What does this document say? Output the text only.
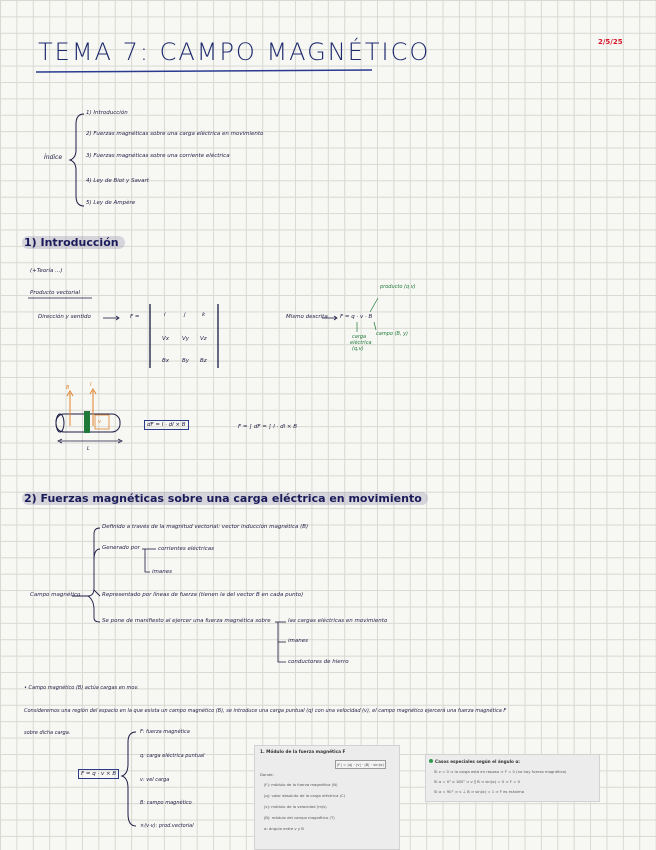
TEMA 7: CAMPO MAGNÉTICO	2/5/25
Índice
1) Introducción
2) Fuerzas magnéticas sobre una carga eléctrica en movimiento
3) Fuerzas magnéticas sobre una corriente eléctrica
4) Ley de Biot y Savart
5) Ley de Ampère
1) Introducción
(+Teoría ...)
Producto vectorial
Dirección y sentido	F =	i	j	k
Vx Vy Vz
Bx By Bz
Mismo descrita F = q · v · B
producto (q v)
carga
eléctrica
(q,v)
campo (B, y)
B	I
v
L
dF = I · dl × B	F = ∫ dF = ∫ I · dl × B
2) Fuerzas magnéticas sobre una carga eléctrica en movimiento
Campo magnético
Definido a través de la magnitud vectorial: vector inducción magnética (B)
Generado por	corrientes eléctricas
imanes
Representado por líneas de fuerza (tienen la del vector B en cada punto)
Se pone de manifiesto al ejercer una fuerza magnética sobre	las cargas eléctricas en movimiento
imanes
conductores de hierro
• Campo magnético (B) actúa cargas en mov.
Consideremos una región del espacio en la que exista un campo magnético (B), se introduce una carga puntual (q) con una velocidad (v), el campo magnético ejercerá una fuerza magnética F
sobre dicha carga.
F = q · v × B
F: fuerza magnética
q: carga eléctrica puntual
v: vel carga
B: campo magnético
×(v·v): prod.vectorial
1. Módulo de la fuerza magnética F
|F| = |q| · |v| · |B| · sin(α)
Donde:
|F|: módulo de la fuerza magnética (N)
|q|: valor absoluto de la carga eléctrica (C)
|v|: módulo de la velocidad (m/s)
|B|: módulo del campo magnético (T)
α: ángulo entre v y B
Casos especiales según el ángulo α:
Si v = 0 ⇒ la carga está en reposo ⇒ F = 0 (no hay fuerza magnética)
Si α = 0° o 180° ⇒ v ∥ B ⇒ sin(α) = 0 ⇒ F = 0
Si α = 90° ⇒ v ⊥ B ⇒ sin(α) = 1 ⇒ F es máxima
